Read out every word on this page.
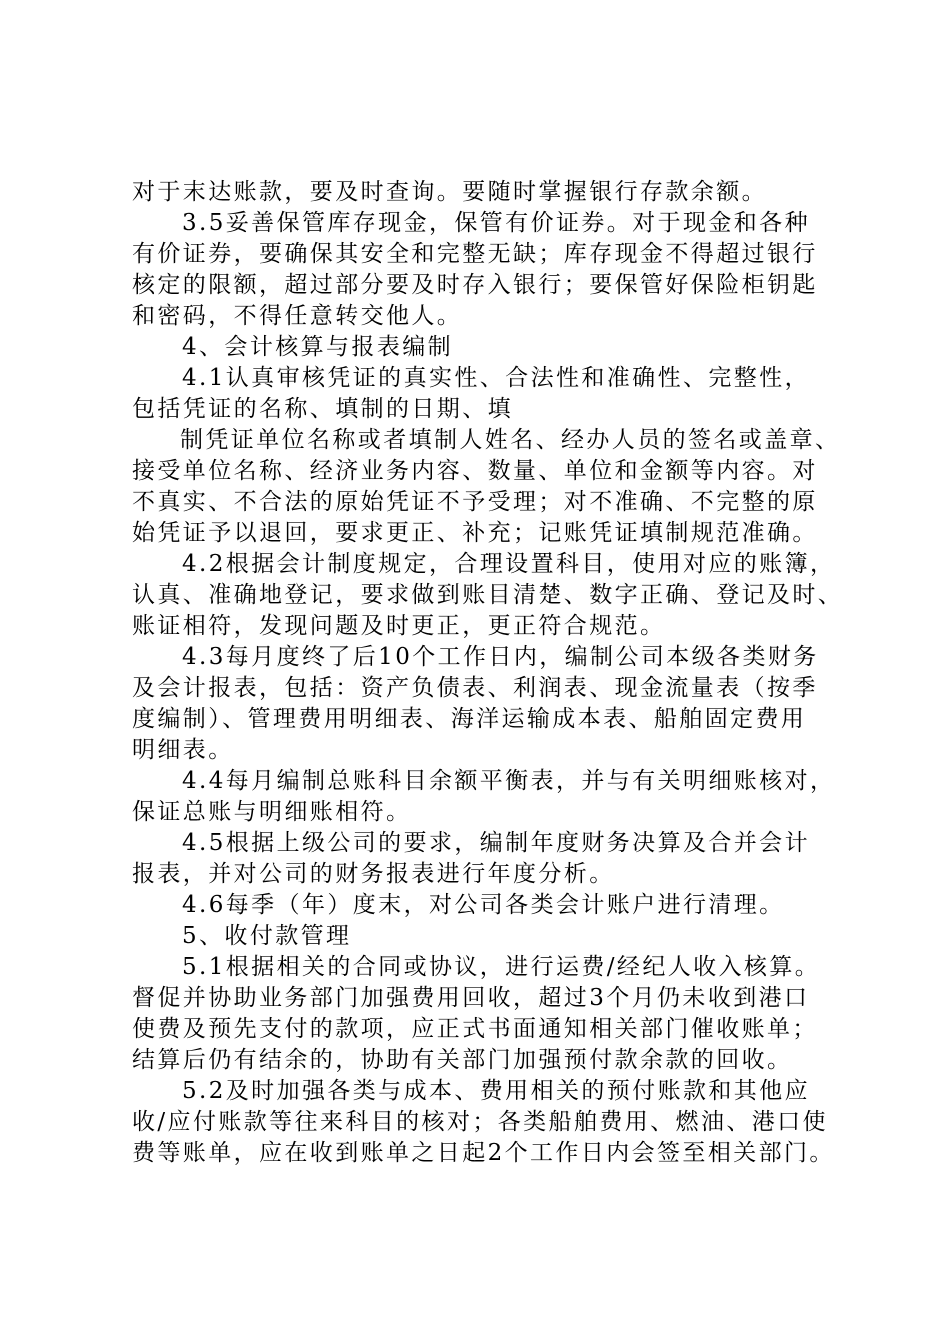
对于末达账款，要及时查询。要随时掌握银行存款余额。
3.5妥善保管库存现金，保管有价证券。对于现金和各种
有价证券，要确保其安全和完整无缺；库存现金不得超过银行
核定的限额，超过部分要及时存入银行；要保管好保险柜钥匙
和密码，不得任意转交他人。
4、会计核算与报表编制
4.1认真审核凭证的真实性、合法性和准确性、完整性，
包括凭证的名称、填制的日期、填
制凭证单位名称或者填制人姓名、经办人员的签名或盖章、
接受单位名称、经济业务内容、数量、单位和金额等内容。对
不真实、不合法的原始凭证不予受理；对不准确、不完整的原
始凭证予以退回，要求更正、补充；记账凭证填制规范准确。
4.2根据会计制度规定，合理设置科目，使用对应的账簿，
认真、准确地登记，要求做到账目清楚、数字正确、登记及时、
账证相符，发现问题及时更正，更正符合规范。
4.3每月度终了后10个工作日内，编制公司本级各类财务
及会计报表，包括：资产负债表、利润表、现金流量表（按季
度编制）、管理费用明细表、海洋运输成本表、船舶固定费用
明细表。
4.4每月编制总账科目余额平衡表，并与有关明细账核对，
保证总账与明细账相符。
4.5根据上级公司的要求，编制年度财务决算及合并会计
报表，并对公司的财务报表进行年度分析。
4.6每季（年）度末，对公司各类会计账户进行清理。
5、收付款管理
5.1根据相关的合同或协议，进行运费/经纪人收入核算。
督促并协助业务部门加强费用回收，超过3个月仍未收到港口
使费及预先支付的款项，应正式书面通知相关部门催收账单；
结算后仍有结余的，协助有关部门加强预付款余款的回收。
5.2及时加强各类与成本、费用相关的预付账款和其他应
收/应付账款等往来科目的核对；各类船舶费用、燃油、港口使
费等账单，应在收到账单之日起2个工作日内会签至相关部门。
